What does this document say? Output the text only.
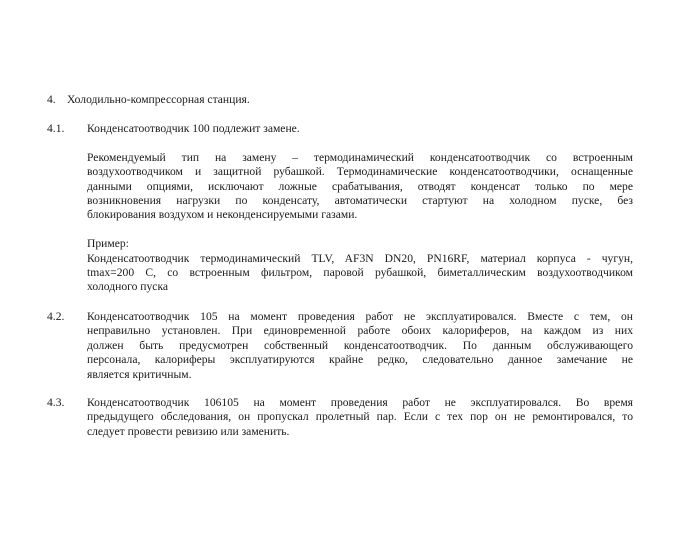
4. Холодильно-компрессорная станция.
4.1. Конденсатоотводчик 100 подлежит замене.
Рекомендуемый тип на замену – термодинамический конденсатоотводчик со встроенным
воздухоотводчиком и защитной рубашкой. Термодинамические конденсатоотводчики, оснащенные
данными опциями, исключают ложные срабатывания, отводят конденсат только по мере
возникновения нагрузки по конденсату, автоматически стартуют на холодном пуске, без
блокирования воздухом и неконденсируемыми газами.
Пример:
Конденсатоотводчик термодинамический TLV, AF3N DN20, PN16RF, материал корпуса - чугун,
tmax=200 С, со встроенным фильтром, паровой рубашкой, биметаллическим воздухоотводчиком
холодного пуска
4.2. Конденсатоотводчик 105 на момент проведения работ не эксплуатировался. Вместе с тем, он
неправильно установлен. При единовременной работе обоих калориферов, на каждом из них
должен быть предусмотрен собственный конденсатоотводчик. По данным обслуживающего
персонала, калориферы эксплуатируются крайне редко, следовательно данное замечание не
является критичным.
4.3. Конденсатоотводчик 106105 на момент проведения работ не эксплуатировался. Во время
предыдущего обследования, он пропускал пролетный пар. Если с тех пор он не ремонтировался, то
следует провести ревизию или заменить.
